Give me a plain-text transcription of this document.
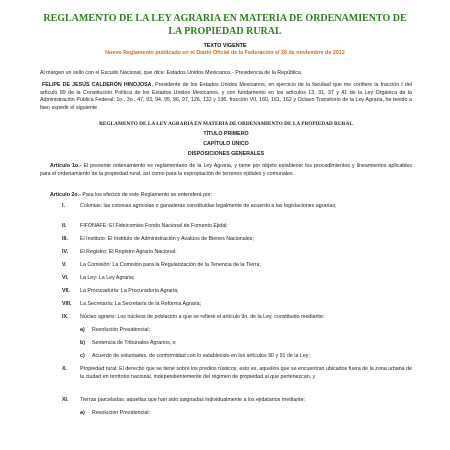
REGLAMENTO DE LA LEY AGRARIA EN MATERIA DE ORDENAMIENTO DE LA PROPIEDAD RURAL
TEXTO VIGENTE
Nuevo Reglamento publicado en el Diario Oficial de la Federación el 28 de noviembre de 2012
Al margen un sello con el Escudo Nacional, que dice: Estados Unidos Mexicanos.- Presidencia de la República.
FELIPE DE JESÚS CALDERÓN HINOJOSA, Presidente de los Estados Unidos Mexicanos, en ejercicio de la facultad que me confiere la fracción I del artículo 89 de la Constitución Política de los Estados Unidos Mexicanos, y con fundamento en los artículos 13, 31, 37 y 41 de la Ley Orgánica de la Administración Pública Federal; 1o., 3o., 47, 93, 94, 95, 96, 97, 126, 132 y 136, fracción VII, 160, 161, 162 y Octavo Transitorio de la Ley Agraria, he tenido a bien expedir el siguiente
REGLAMENTO DE LA LEY AGRARIA EN MATERIA DE ORDENAMIENTO DE LA PROPIEDAD RURAL
TÍTULO PRIMERO
CAPÍTULO ÚNICO
DISPOSICIONES GENERALES
Artículo 1o.- El presente ordenamiento es reglamentario de la Ley Agraria, y tiene por objeto establecer los procedimientos y lineamientos aplicables para el ordenamiento de la propiedad rural, así como para la expropiación de terrenos ejidales y comunales.
Artículo 2o.- Para los efectos de este Reglamento se entenderá por:
I.	Colonias: las colonias agrícolas o ganaderas constituidas legalmente de acuerdo a las legislaciones agrarias;
II.	FIFONAFE: El Fideicomiso Fondo Nacional de Fomento Ejidal;
III. El Instituto: El Instituto de Administración y Avalúos de Bienes Nacionales;
IV. El Registro: El Registro Agrario Nacional;
V.	La Comisión: La Comisión para la Regularización de la Tenencia de la Tierra;
VI. La Ley: La Ley Agraria;
VII. La Procuraduría: La Procuraduría Agraria;
VIII. La Secretaría: La Secretaría de la Reforma Agraria;
IX. Núcleo agrario: Los núcleos de población a que se refiere el artículo 9o. de la Ley, constituido mediante:
a) Resolución Presidencial;
b) Sentencia de Tribunales Agrarios, o
c) Acuerdo de voluntades, de conformidad con lo establecido en los artículos 90 y 91 de la Ley;
X. Propiedad rural: El derecho que se tiene sobre los predios rústicos, esto es, aquellos que se encuentran ubicados fuera de la zona urbana de la ciudad en territorio nacional, independientemente del régimen de propiedad al que pertenezcan, y
XI. Tierras parceladas: aquellas que han sido asignadas individualmente a los ejidatarios mediante:
a) Resolución Presidencial;
